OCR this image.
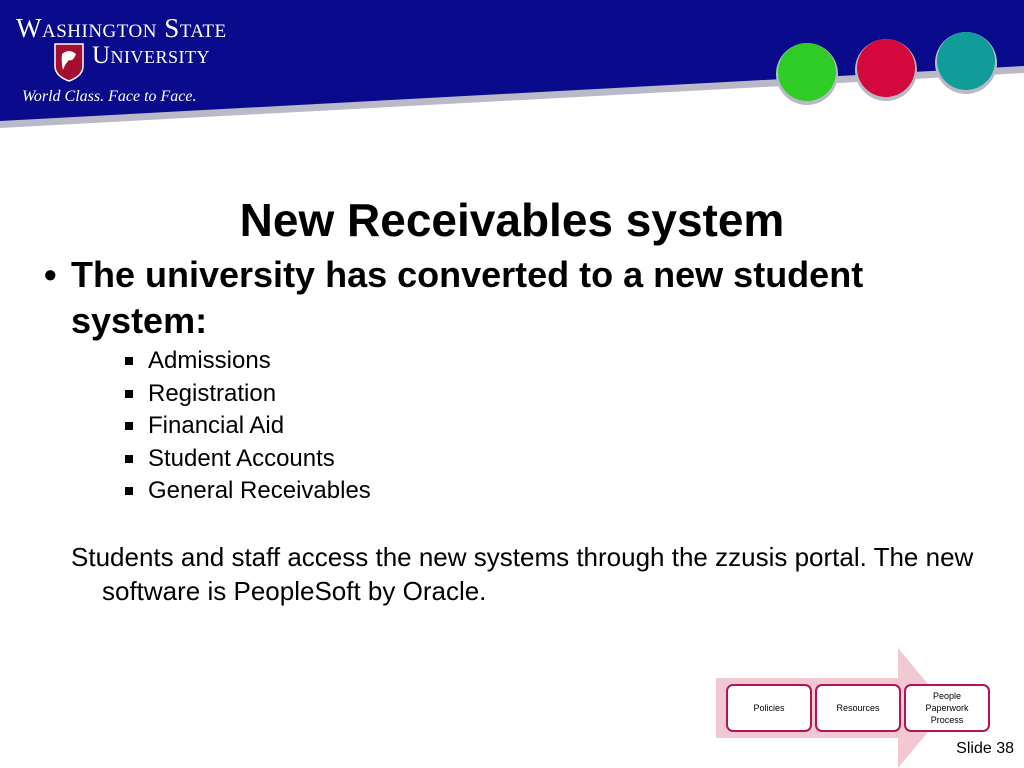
Washington State
University
World Class. Face to Face.
New Receivables system
• The university has converted to a new student system:
Admissions
Registration
Financial Aid
Student Accounts
General Receivables
Students and staff access the new systems through the zzusis portal. The new software is PeopleSoft by Oracle.
Policies	Resources
People
Paperwork
Process
Slide 38
